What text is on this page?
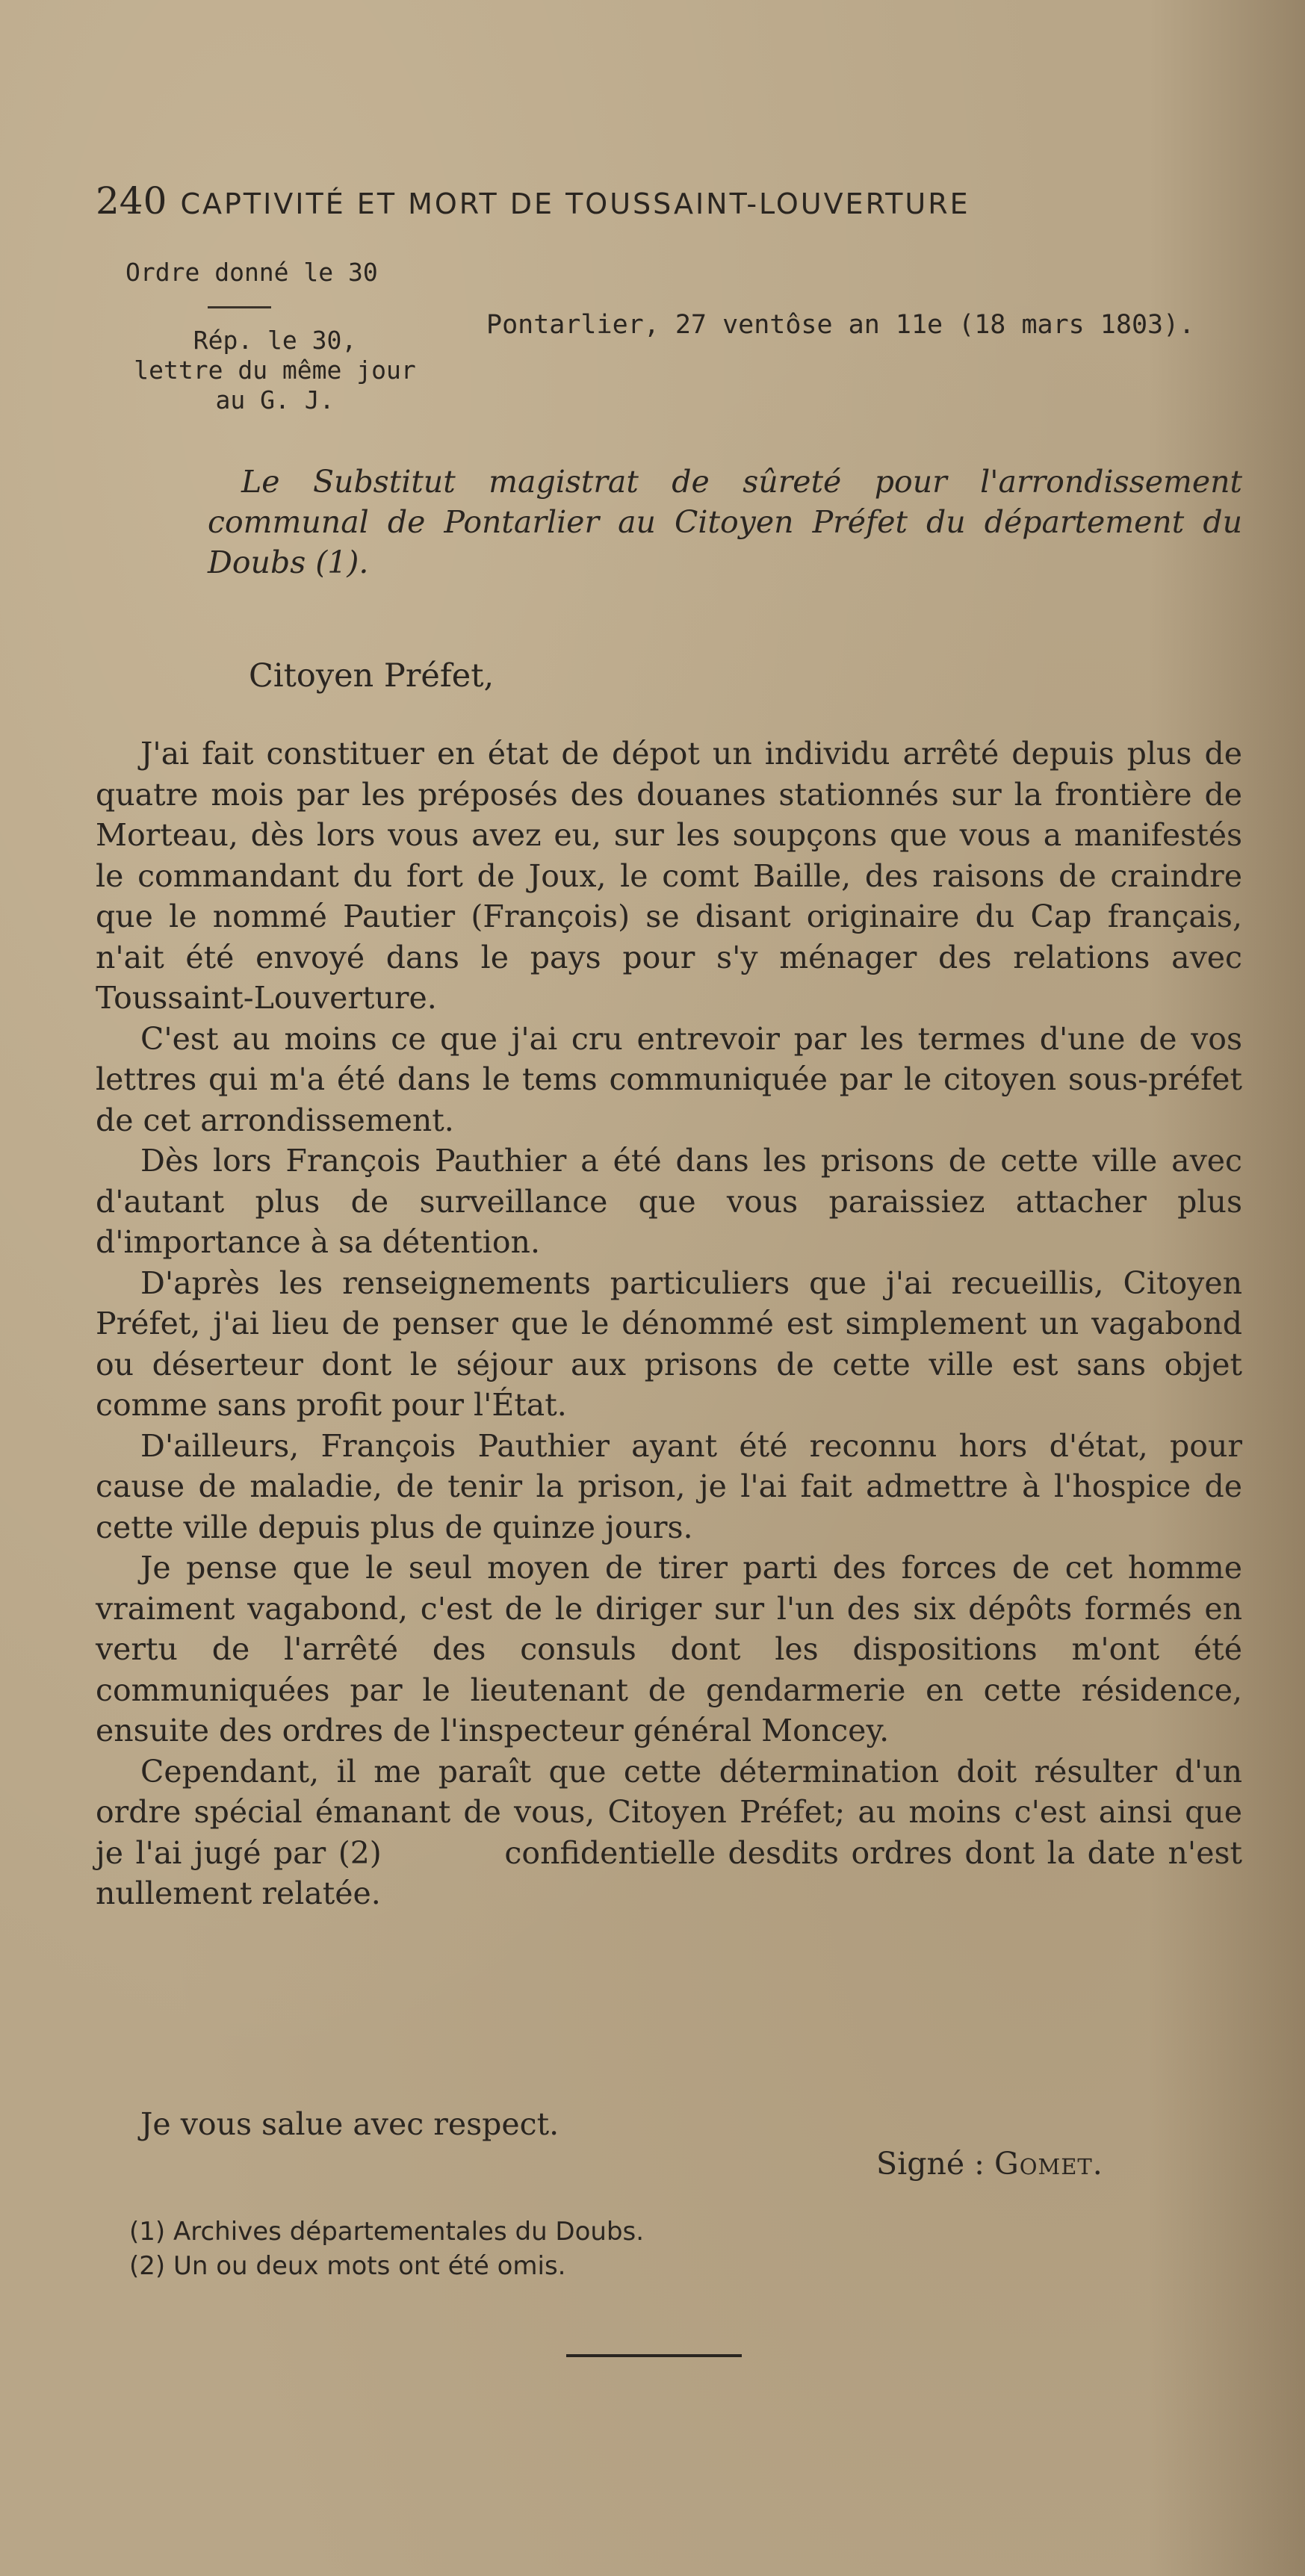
240 CAPTIVITÉ ET MORT DE TOUSSAINT-LOUVERTURE
Ordre donné le 30
Rép. le 30,
lettre du même jour
au G. J.
Pontarlier, 27 ventôse an 11e (18 mars 1803).

Le Substitut magistrat de sûreté pour l'arrondissement communal de Pontarlier au Citoyen Préfet du département du Doubs (1).

Citoyen Préfet,

J'ai fait constituer en état de dépot un individu arrêté depuis plus de quatre mois par les préposés des douanes stationnés sur la frontière de Morteau, dès lors vous avez eu, sur les soupçons que vous a manifestés le commandant du fort de Joux, le comt Baille, des raisons de craindre que le nommé Pautier (François) se disant originaire du Cap français, n'ait été envoyé dans le pays pour s'y ménager des relations avec Toussaint-Louverture.

C'est au moins ce que j'ai cru entrevoir par les termes d'une de vos lettres qui m'a été dans le tems communiquée par le citoyen sous-préfet de cet arrondissement.

Dès lors François Pauthier a été dans les prisons de cette ville avec d'autant plus de surveillance que vous paraissiez attacher plus d'importance à sa détention.

D'après les renseignements particuliers que j'ai recueillis, Citoyen Préfet, j'ai lieu de penser que le dénommé est simplement un vagabond ou déserteur dont le séjour aux prisons de cette ville est sans objet comme sans profit pour l'État.

D'ailleurs, François Pauthier ayant été reconnu hors d'état, pour cause de maladie, de tenir la prison, je l'ai fait admettre à l'hospice de cette ville depuis plus de quinze jours.

Je pense que le seul moyen de tirer parti des forces de cet homme vraiment vagabond, c'est de le diriger sur l'un des six dépôts formés en vertu de l'arrêté des consuls dont les dispositions m'ont été communiquées par le lieutenant de gendarmerie en cette résidence, ensuite des ordres de l'inspecteur général Moncey.

Cependant, il me paraît que cette détermination doit résulter d'un ordre spécial émanant de vous, Citoyen Préfet; au moins c'est ainsi que je l'ai jugé par (2)          confidentielle desdits ordres dont la date n'est nullement relatée.

Je vous salue avec respect.

Signé : Gomet.

(1) Archives départementales du Doubs.
(2) Un ou deux mots ont été omis.
